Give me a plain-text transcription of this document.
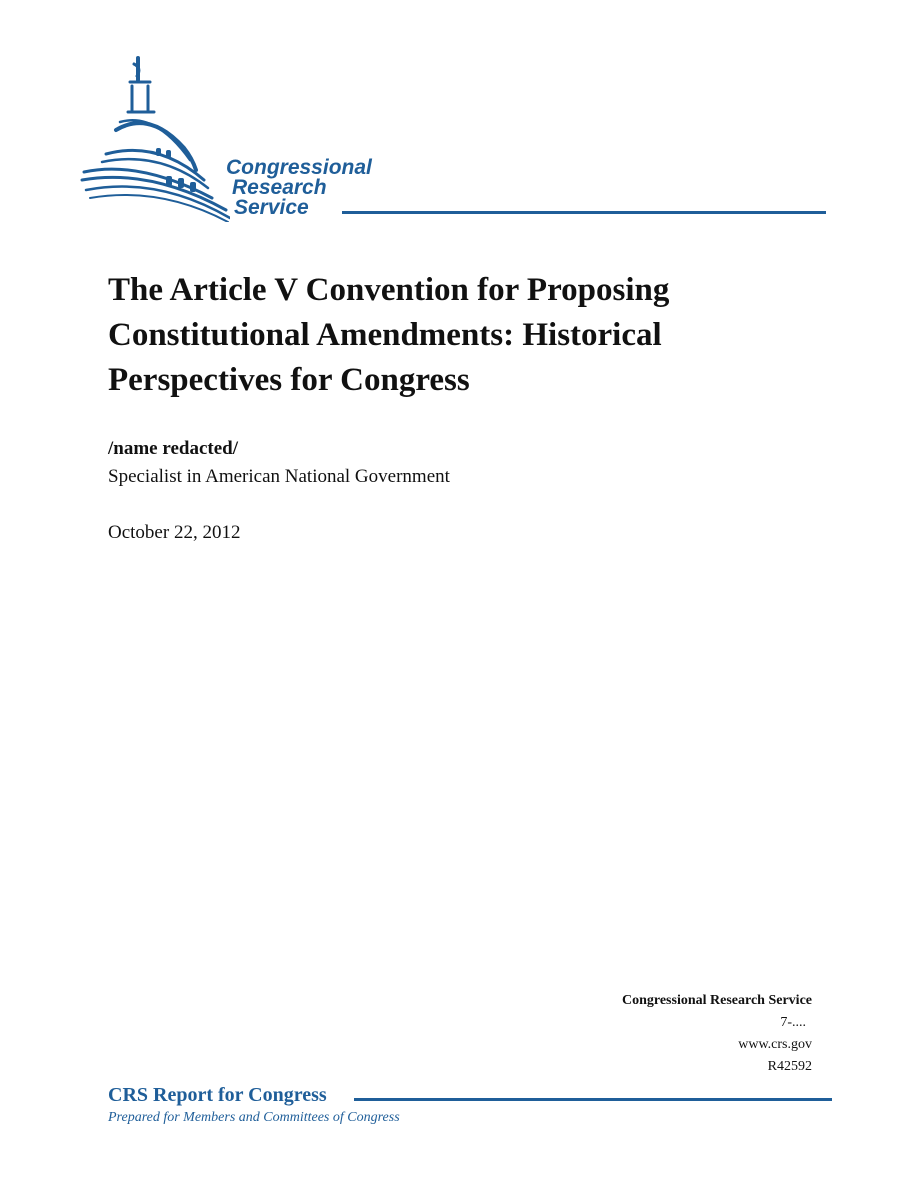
Congressional
Research
Service
The Article V Convention for Proposing
Constitutional Amendments: Historical
Perspectives for Congress
/name redacted/
Specialist in American National Government
October 22, 2012
Congressional Research Service
7-....
www.crs.gov
R42592
CRS Report for Congress
Prepared for Members and Committees of Congress
